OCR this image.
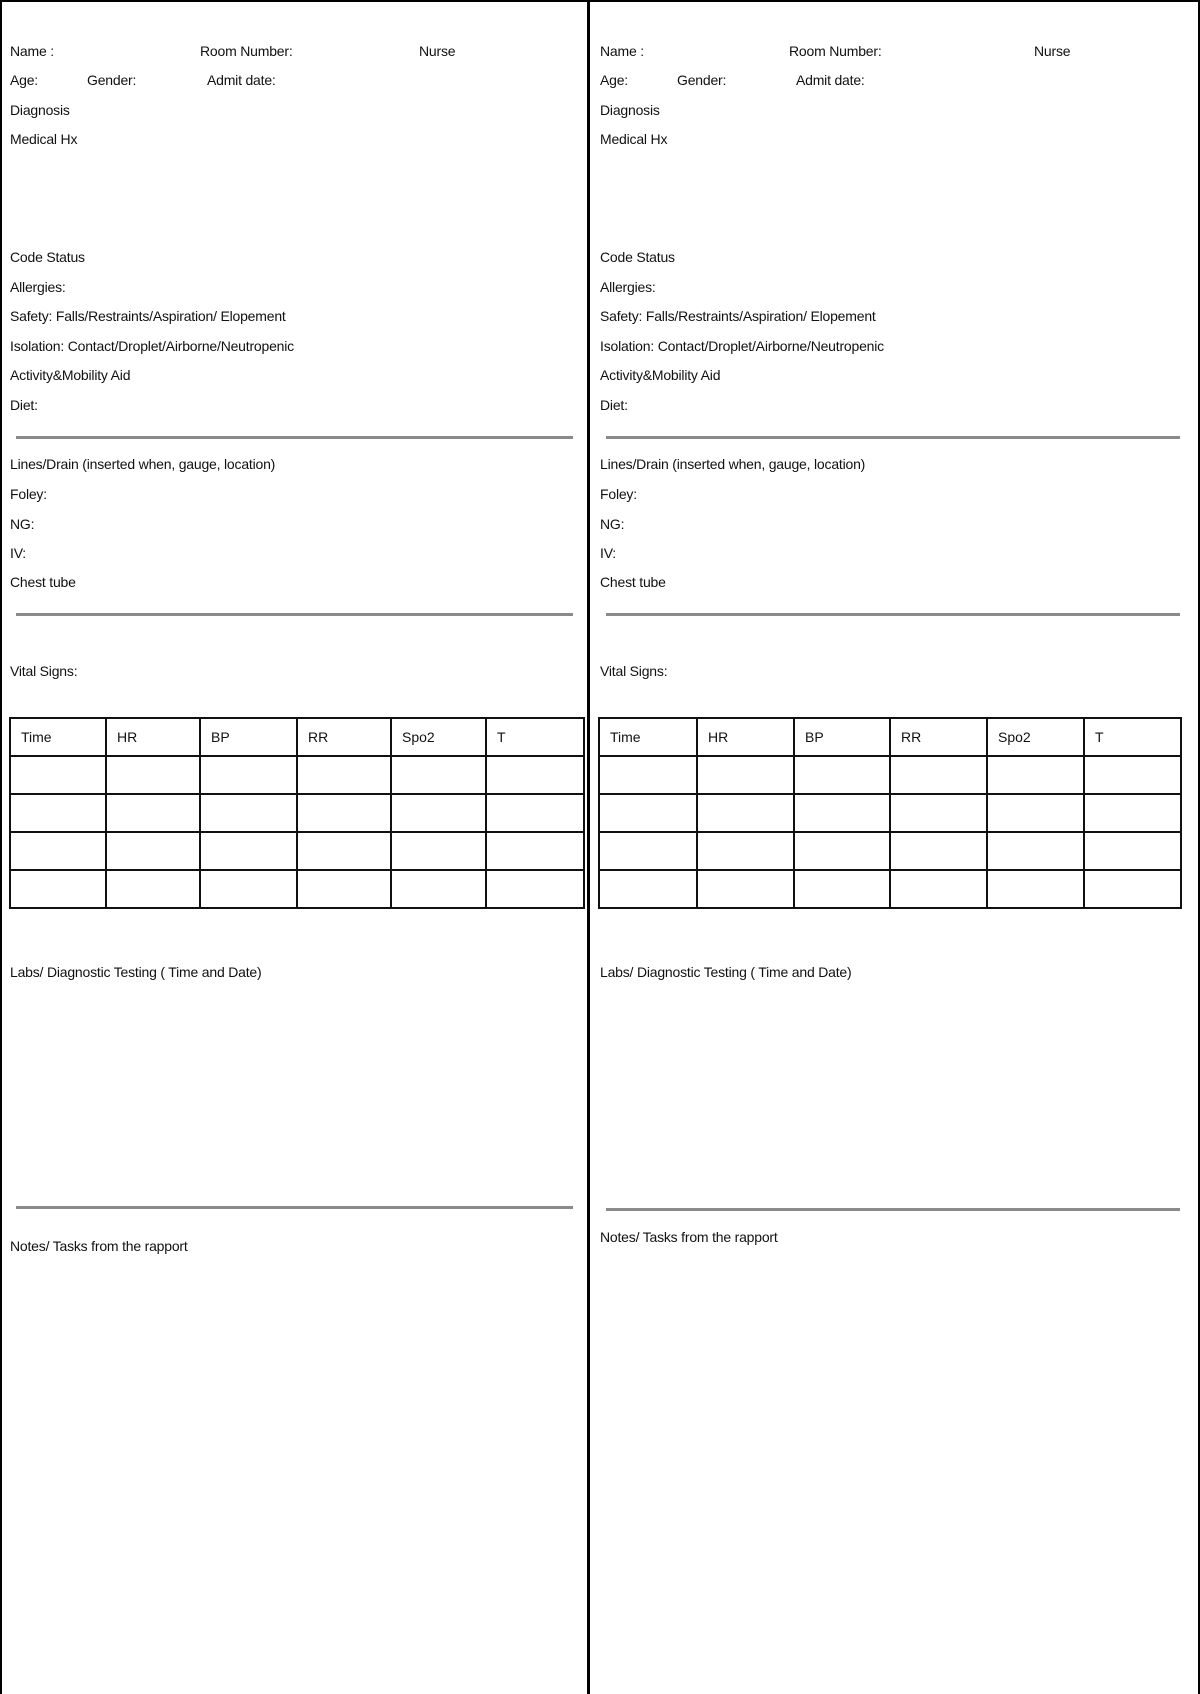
Name :	Room Number:	Nurse
Age:	Gender:	Admit date:
Diagnosis
Medical Hx
Code Status
Allergies:
Safety: Falls/Restraints/Aspiration/ Elopement
Isolation: Contact/Droplet/Airborne/Neutropenic
Activity&Mobility Aid
Diet:
Lines/Drain (inserted when, gauge, location)
Foley:
NG:
IV:
Chest tube
Vital Signs:
Time	HR	BP	RR	Spo2	T

Labs/ Diagnostic Testing ( Time and Date)
Notes/ Tasks from the rapport
Name :	Room Number:	Nurse
Age:	Gender:	Admit date:
Diagnosis
Medical Hx
Code Status
Allergies:
Safety: Falls/Restraints/Aspiration/ Elopement
Isolation: Contact/Droplet/Airborne/Neutropenic
Activity&Mobility Aid
Diet:
Lines/Drain (inserted when, gauge, location)
Foley:
NG:
IV:
Chest tube
Vital Signs:
Time	HR	BP	RR	Spo2	T

Labs/ Diagnostic Testing ( Time and Date)
Notes/ Tasks from the rapport
